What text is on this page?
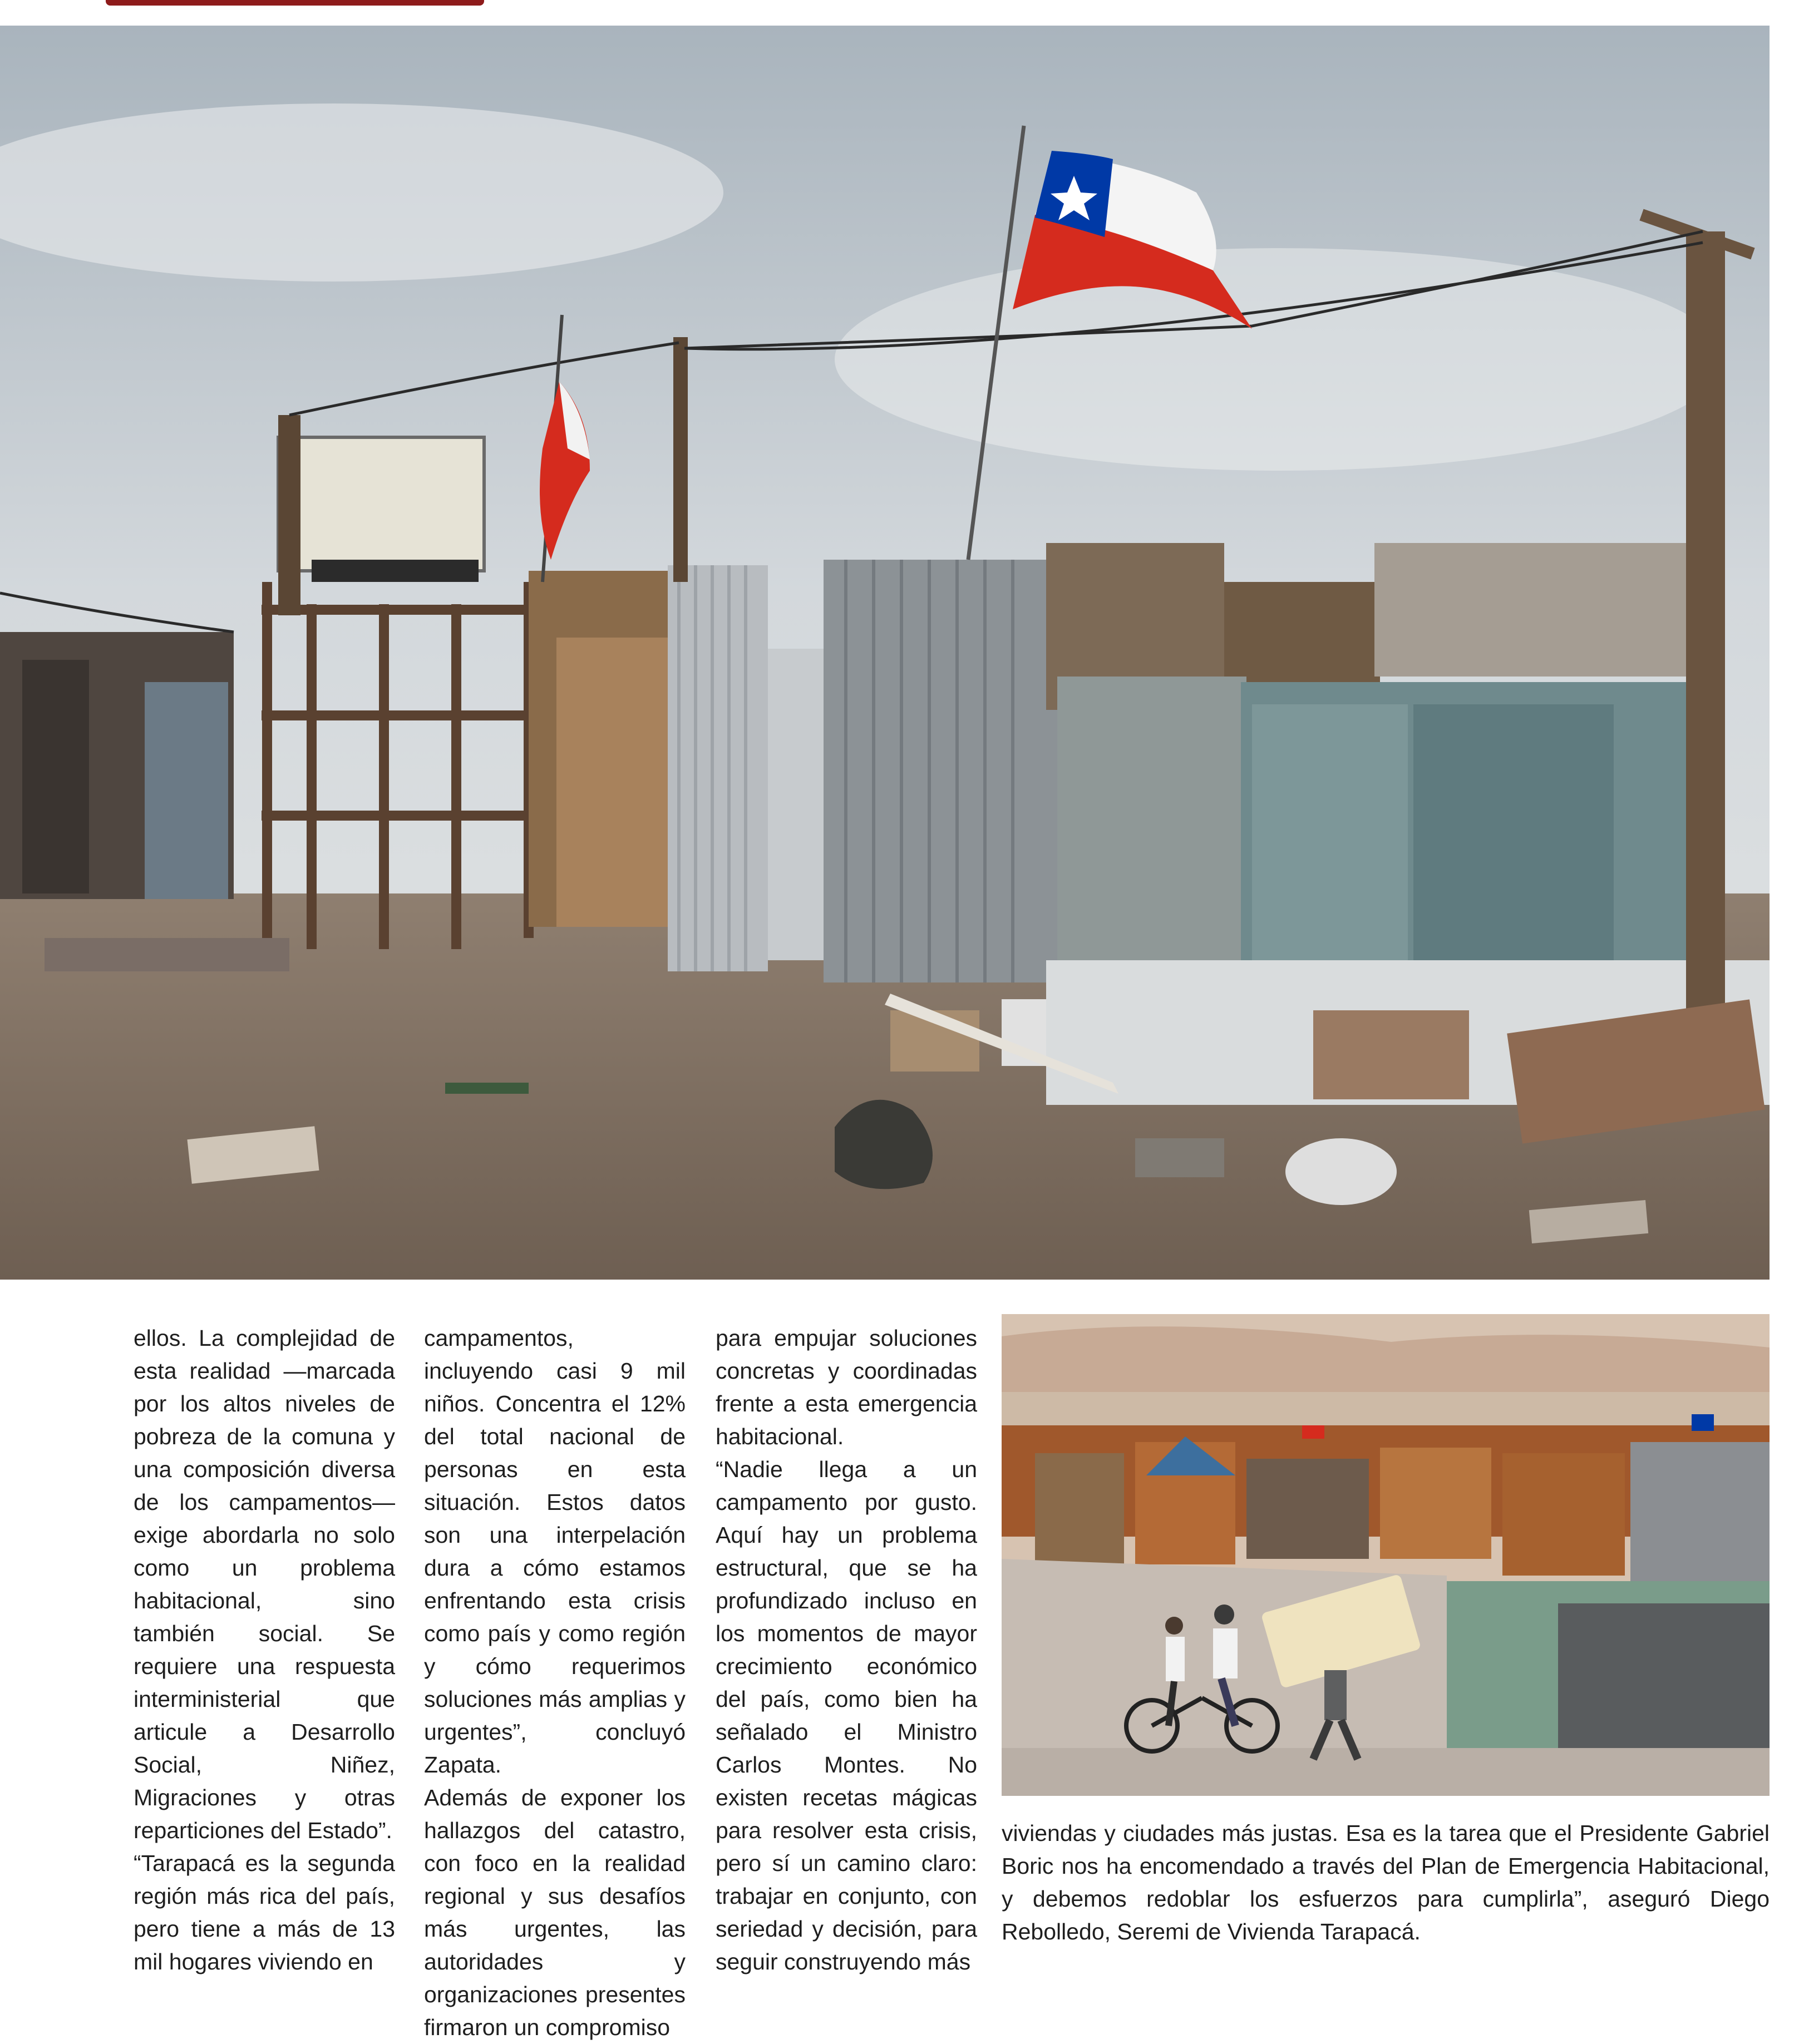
ellos. La complejidad de esta realidad —marcada por los altos niveles de pobreza de la comuna y una composición diversa de los campamentos— exige abordarla no solo como un problema habitacional, sino también social. Se requiere una respuesta interministerial que articule a Desarrollo Social, Niñez, Migraciones y otras reparticiones del Estado”.

“Tarapacá es la segunda región más rica del país, pero tiene a más de 13 mil hogares viviendo en

campamentos, incluyendo casi 9 mil niños. Concentra el 12% del total nacional de personas en esta situación. Estos datos son una interpelación dura a cómo estamos enfrentando esta crisis como país y como región y cómo requerimos soluciones más amplias y urgentes”, concluyó Zapata.

Además de exponer los hallazgos del catastro, con foco en la realidad regional y sus desafíos más urgentes, las autoridades y organizaciones presentes firmaron un compromiso

para empujar soluciones concretas y coordinadas frente a esta emergencia habitacional.

“Nadie llega a un campamento por gusto. Aquí hay un problema estructural, que se ha profundizado incluso en los momentos de mayor crecimiento económico del país, como bien ha señalado el Ministro Carlos Montes. No existen recetas mágicas para resolver esta crisis, pero sí un camino claro: trabajar en conjunto, con seriedad y decisión, para seguir construyendo más

viviendas y ciudades más justas. Esa es la tarea que el Presidente Gabriel Boric nos ha encomendado a través del Plan de Emergencia Habitacional, y debemos redoblar los esfuerzos para cumplirla”, aseguró Diego Rebolledo, Seremi de Vivienda Tarapacá.
